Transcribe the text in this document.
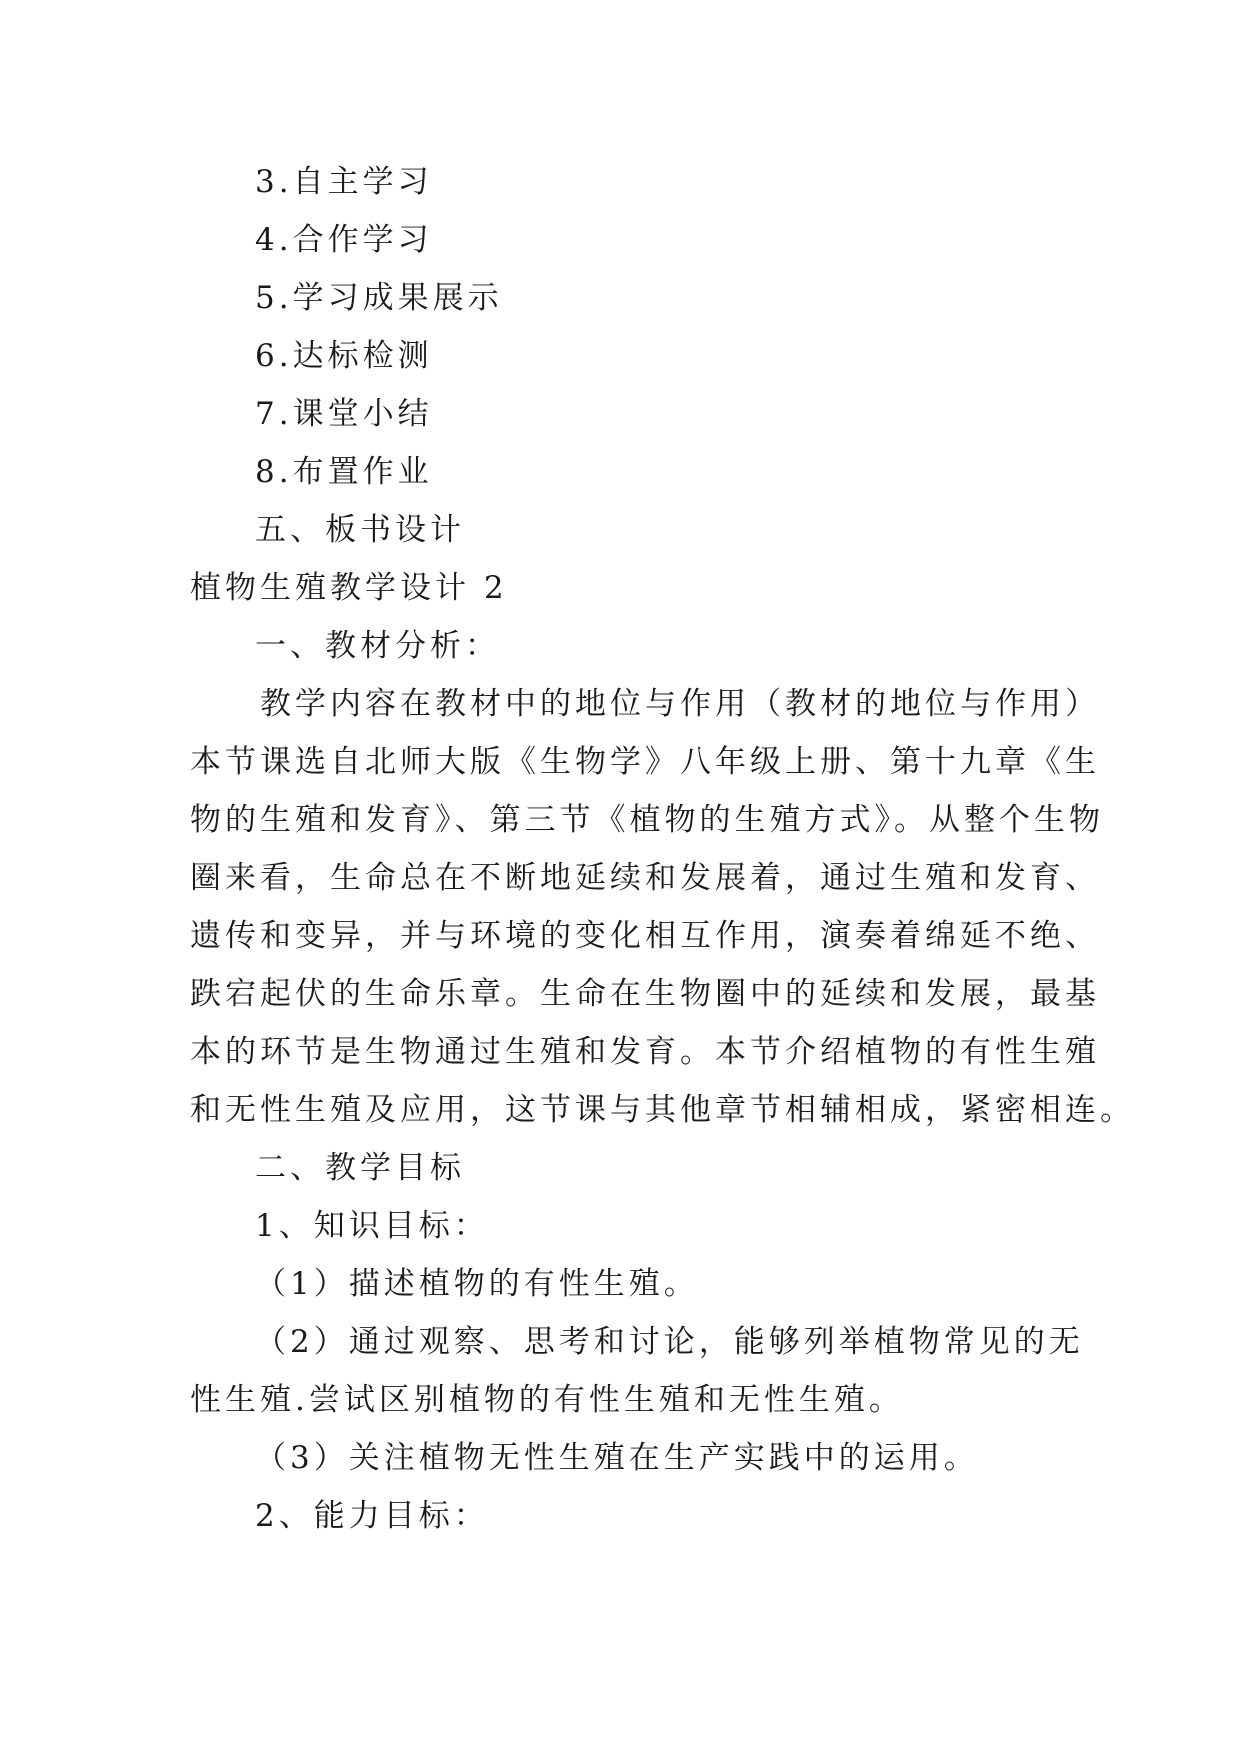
3.自主学习
4.合作学习
5.学习成果展示
6.达标检测
7.课堂小结
8.布置作业
五、板书设计
植物生殖教学设计 2
一、教材分析：
教学内容在教材中的地位与作用（教材的地位与作用）
本节课选自北师大版《生物学》八年级上册、第十九章《生
物的生殖和发育》、第三节《植物的生殖方式》。从整个生物
圈来看，生命总在不断地延续和发展着，通过生殖和发育、
遗传和变异，并与环境的变化相互作用，演奏着绵延不绝、
跌宕起伏的生命乐章。生命在生物圈中的延续和发展，最基
本的环节是生物通过生殖和发育。本节介绍植物的有性生殖
和无性生殖及应用，这节课与其他章节相辅相成，紧密相连。
二、教学目标
1、知识目标：
（1）描述植物的有性生殖。
（2）通过观察、思考和讨论，能够列举植物常见的无
性生殖.尝试区别植物的有性生殖和无性生殖。
（3）关注植物无性生殖在生产实践中的运用。
2、能力目标：
